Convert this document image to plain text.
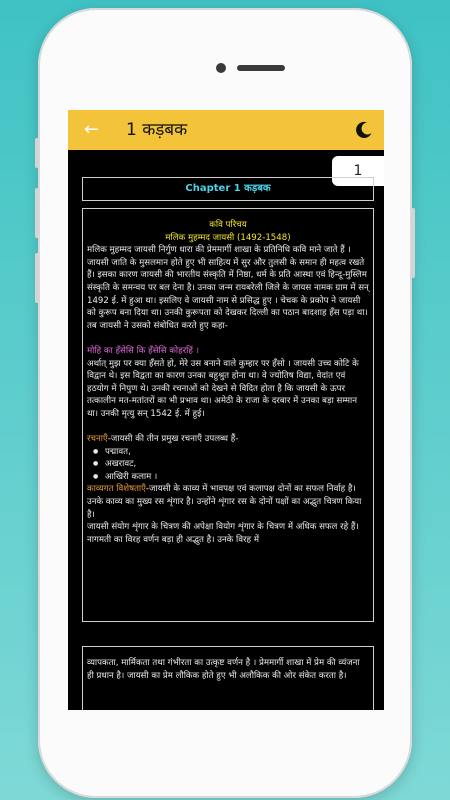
← 1 कड़बक
1
Chapter 1 कड़बक
कवि परिचय
मलिक मुहम्मद जायसी (1492-1548)
मलिक मुहम्मद जायसी निर्गुण धारा की प्रेममार्गी शाखा के प्रतिनिधि कवि माने जाते हैं । जायसी जाति के मुसलमान होते हुए भी साहित्य में सुर और तुलसी के समान ही महत्व रखते हैं। इसका कारण जायसी की भारतीय संस्कृति में निष्ठा, धर्म के प्रति आस्था एवं हिन्दू-मुस्लिम संस्कृति के समन्वय पर बल देना है। उनका जन्म रायबरेली जिले के जायस नामक ग्राम में सन् 1492 ई. में हुआ था। इसलिए वे जायसी नाम से प्रसिद्ध हुए । चेचक के प्रकोप ने जायसी को कुरूप बना दिया था। उनकी कुरूपता को देखकर दिल्ली का पठान बादशाह हँस पड़ा था। तब जायसी ने उसको संबोधित करते हुए कहा-
मोहि का हँसेसि कि हँसेसि कोहरहिं ।
अर्थात् मुझ पर क्या हँसते हो, मेरे उस बनाने वाले कुम्हार पर हँसो । जायसी उच्च कोटि के विद्वान थे। इस विद्वता का कारण उनका बहुश्रुत होना था। वे ज्योतिष विद्या, वेदांत एवं हठयोग में निपुण थे। उनकी रचनाओं को देखने से विदित होता है कि जायसी के ऊपर तत्कालीन मत-मतांतरों का भी प्रभाव था। अमेठी के राजा के दरबार में उनका बड़ा सम्मान था। उनकी मृत्यु सन् 1542 ई. में हुई।
रचनाएँ-जायसी की तीन प्रमुख रचनाएँ उपलब्ध हैं-
● पद्मावत,
● अखरावट,
● आखिरी कलाम ।
काव्यगत विशेषताएँ-जायसी के काव्य में भावपक्ष एवं कलापक्ष दोनों का सफल निर्वाह है। उनके काव्य का मुख्य रस शृंगार है। उन्होंने शृंगार रस के दोनों पक्षों का अद्भुत चित्रण किया है।
जायसी संयोग शृंगार के चित्रण की अपेक्षा वियोग शृंगार के चित्रण में अधिक सफल रहे हैं। नागमती का विरह वर्णन बड़ा ही अद्भुत है। उनके विरह में
व्यापकता, मार्मिकता तथा गंभीरता का उत्कृष्ट वर्णन है । प्रेममार्गी शाखा में प्रेम की व्यंजना ही प्रधान है। जायसी का प्रेम लौकिक होते हुए भी अलौकिक की ओर संकेत करता है।
